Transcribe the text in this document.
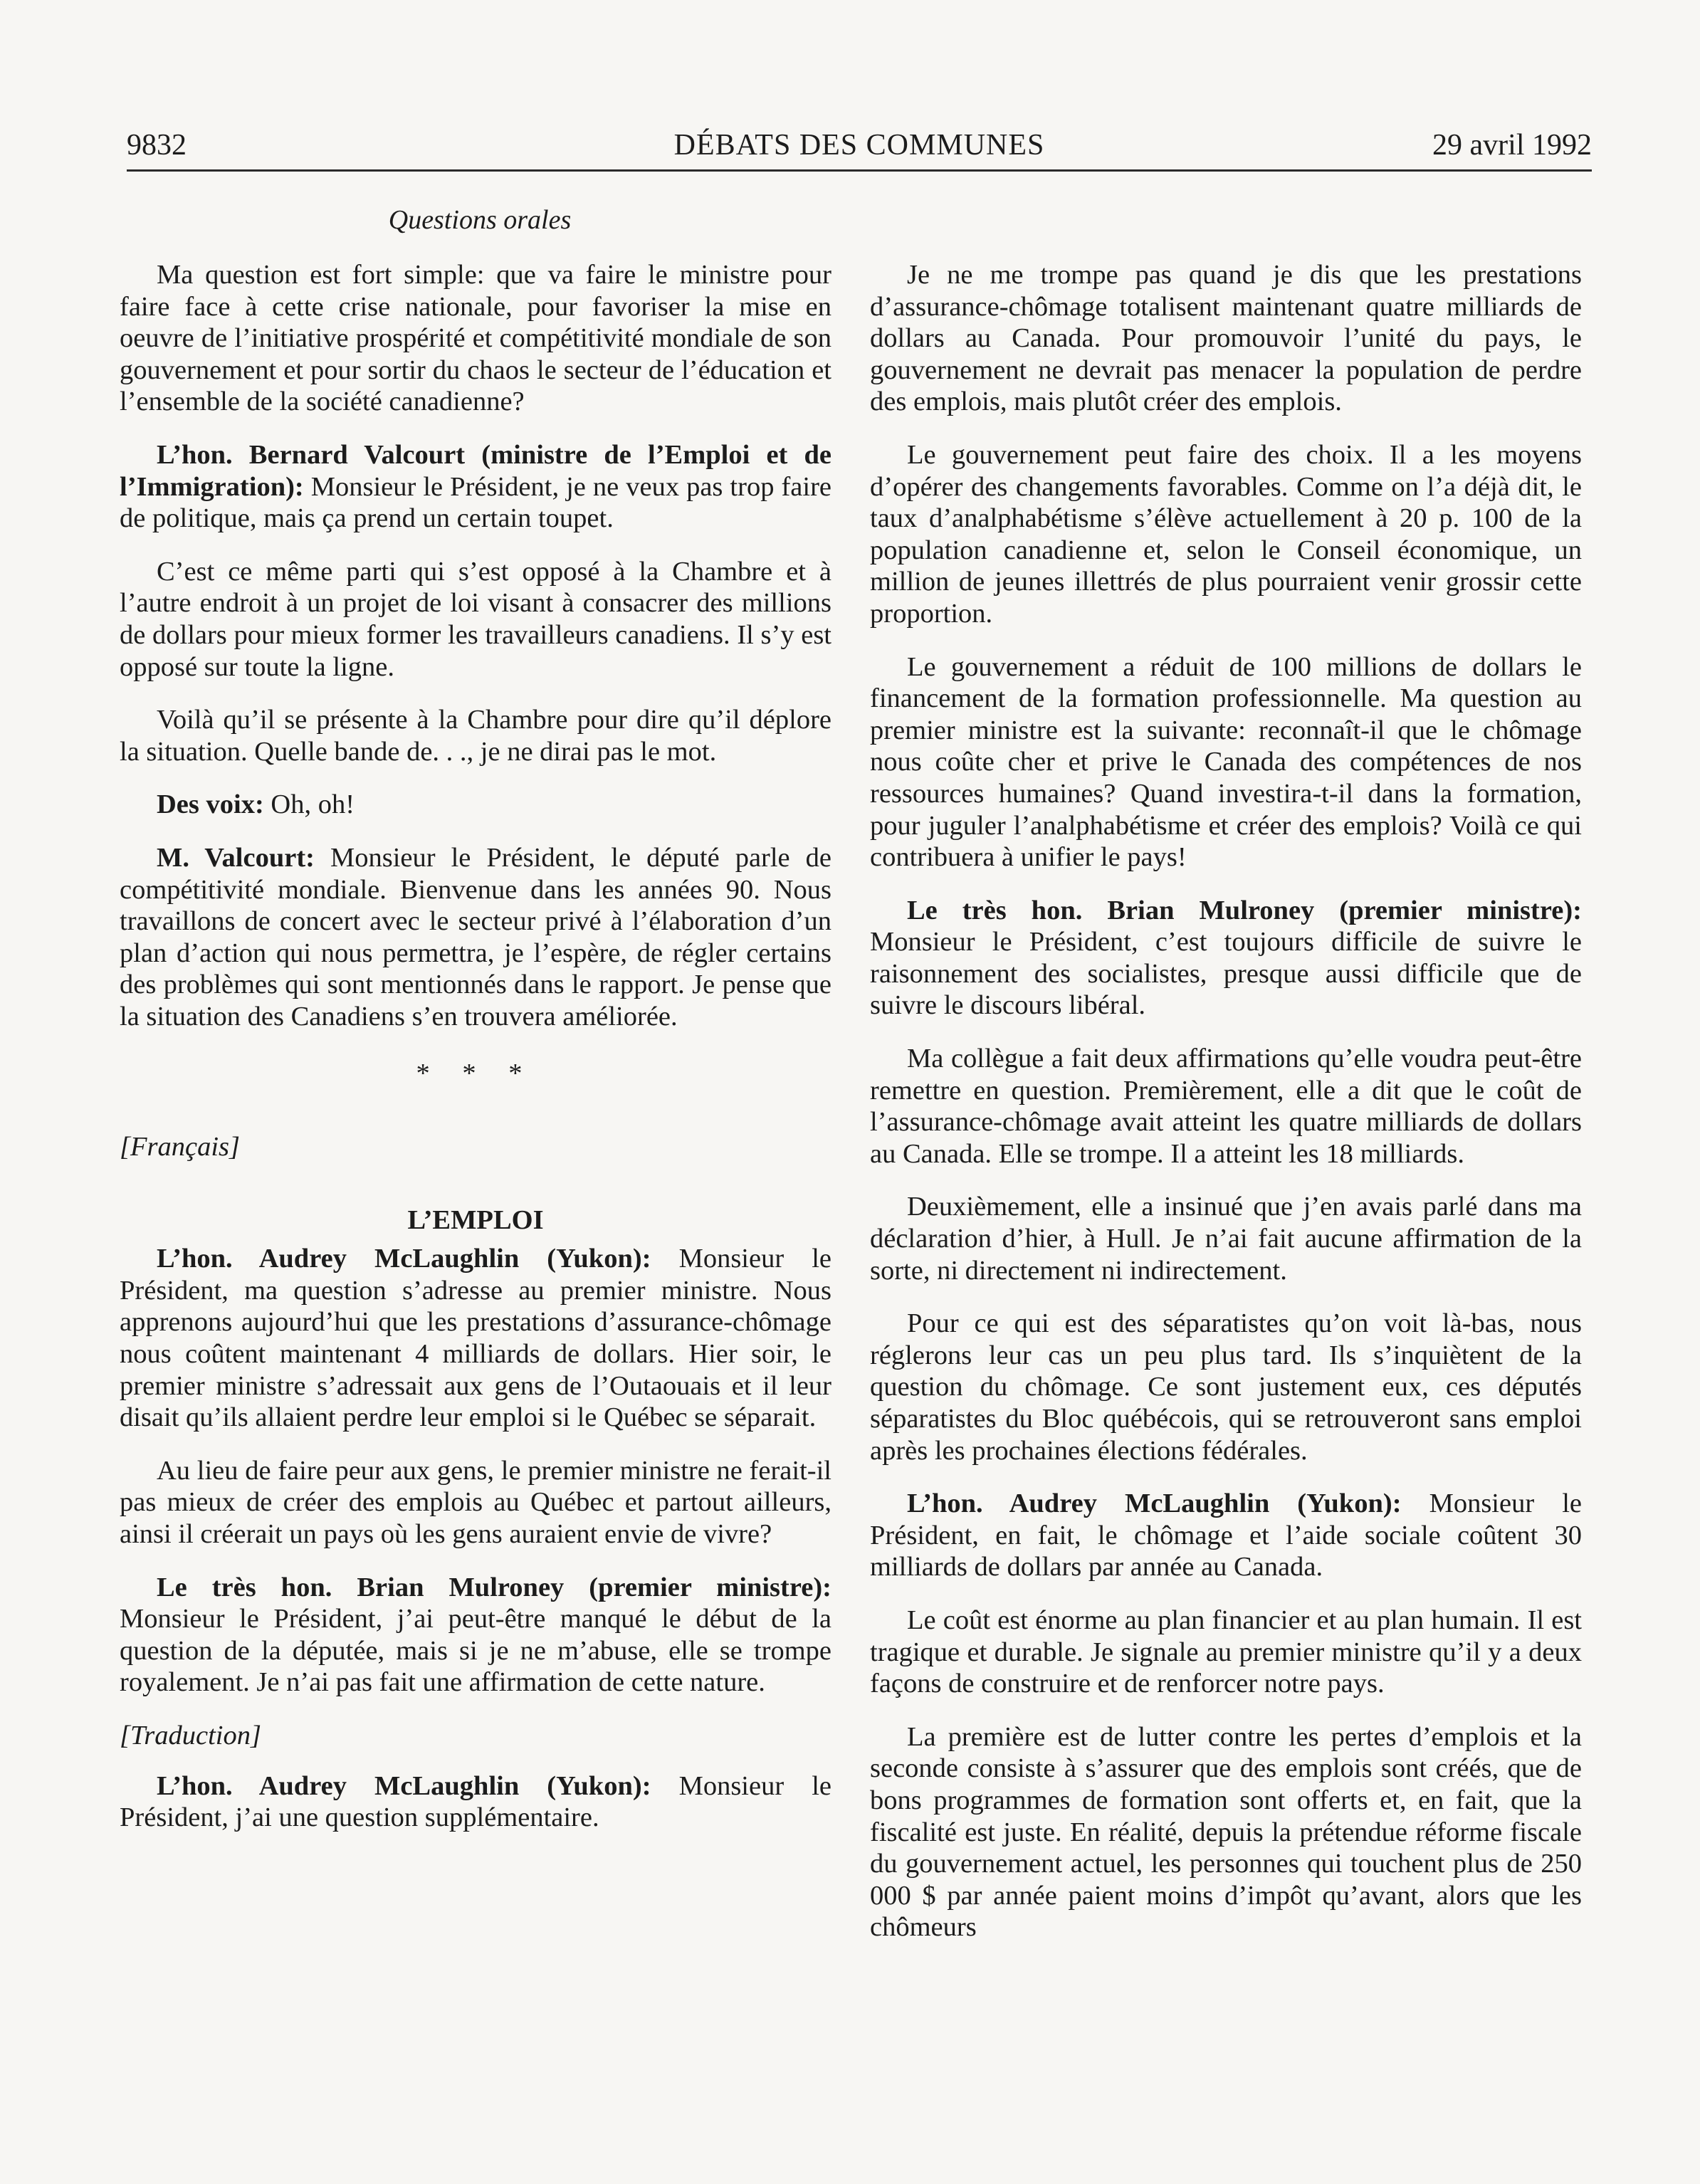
9832	DÉBATS DES COMMUNES	29 avril 1992
Questions orales

Ma question est fort simple: que va faire le ministre pour faire face à cette crise nationale, pour favoriser la mise en oeuvre de l’initiative prospérité et compétitivité mondiale de son gouvernement et pour sortir du chaos le secteur de l’éducation et l’ensemble de la société canadienne?

L’hon. Bernard Valcourt (ministre de l’Emploi et de l’Immigration): Monsieur le Président, je ne veux pas trop faire de politique, mais ça prend un certain toupet.

C’est ce même parti qui s’est opposé à la Chambre et à l’autre endroit à un projet de loi visant à consacrer des millions de dollars pour mieux former les travailleurs canadiens. Il s’y est opposé sur toute la ligne.

Voilà qu’il se présente à la Chambre pour dire qu’il déplore la situation. Quelle bande de. . ., je ne dirai pas le mot.

Des voix: Oh, oh!

M. Valcourt: Monsieur le Président, le député parle de compétitivité mondiale. Bienvenue dans les années 90. Nous travaillons de concert avec le secteur privé à l’élaboration d’un plan d’action qui nous permettra, je l’espère, de régler certains des problèmes qui sont mentionnés dans le rapport. Je pense que la situation des Canadiens s’en trouvera améliorée.

* * *

[Français]

L’EMPLOI

L’hon. Audrey McLaughlin (Yukon): Monsieur le Président, ma question s’adresse au premier ministre. Nous apprenons aujourd’hui que les prestations d’assurance-chômage nous coûtent maintenant 4 milliards de dollars. Hier soir, le premier ministre s’adressait aux gens de l’Outaouais et il leur disait qu’ils allaient perdre leur emploi si le Québec se séparait.

Au lieu de faire peur aux gens, le premier ministre ne ferait-il pas mieux de créer des emplois au Québec et partout ailleurs, ainsi il créerait un pays où les gens auraient envie de vivre?

Le très hon. Brian Mulroney (premier ministre): Monsieur le Président, j’ai peut-être manqué le début de la question de la députée, mais si je ne m’abuse, elle se trompe royalement. Je n’ai pas fait une affirmation de cette nature.

[Traduction]

L’hon. Audrey McLaughlin (Yukon): Monsieur le Président, j’ai une question supplémentaire.

Je ne me trompe pas quand je dis que les prestations d’assurance-chômage totalisent maintenant quatre milliards de dollars au Canada. Pour promouvoir l’unité du pays, le gouvernement ne devrait pas menacer la population de perdre des emplois, mais plutôt créer des emplois.

Le gouvernement peut faire des choix. Il a les moyens d’opérer des changements favorables. Comme on l’a déjà dit, le taux d’analphabétisme s’élève actuellement à 20 p. 100 de la population canadienne et, selon le Conseil économique, un million de jeunes illettrés de plus pourraient venir grossir cette proportion.

Le gouvernement a réduit de 100 millions de dollars le financement de la formation professionnelle. Ma question au premier ministre est la suivante: reconnaît-il que le chômage nous coûte cher et prive le Canada des compétences de nos ressources humaines? Quand investira-t-il dans la formation, pour juguler l’analphabétisme et créer des emplois? Voilà ce qui contribuera à unifier le pays!

Le très hon. Brian Mulroney (premier ministre): Monsieur le Président, c’est toujours difficile de suivre le raisonnement des socialistes, presque aussi difficile que de suivre le discours libéral.

Ma collègue a fait deux affirmations qu’elle voudra peut-être remettre en question. Premièrement, elle a dit que le coût de l’assurance-chômage avait atteint les quatre milliards de dollars au Canada. Elle se trompe. Il a atteint les 18 milliards.

Deuxièmement, elle a insinué que j’en avais parlé dans ma déclaration d’hier, à Hull. Je n’ai fait aucune affirmation de la sorte, ni directement ni indirectement.

Pour ce qui est des séparatistes qu’on voit là-bas, nous réglerons leur cas un peu plus tard. Ils s’inquiètent de la question du chômage. Ce sont justement eux, ces députés séparatistes du Bloc québécois, qui se retrouveront sans emploi après les prochaines élections fédérales.

L’hon. Audrey McLaughlin (Yukon): Monsieur le Président, en fait, le chômage et l’aide sociale coûtent 30 milliards de dollars par année au Canada.

Le coût est énorme au plan financier et au plan humain. Il est tragique et durable. Je signale au premier ministre qu’il y a deux façons de construire et de renforcer notre pays.

La première est de lutter contre les pertes d’emplois et la seconde consiste à s’assurer que des emplois sont créés, que de bons programmes de formation sont offerts et, en fait, que la fiscalité est juste. En réalité, depuis la prétendue réforme fiscale du gouvernement actuel, les personnes qui touchent plus de 250 000 $ par année paient moins d’impôt qu’avant, alors que les chômeurs
